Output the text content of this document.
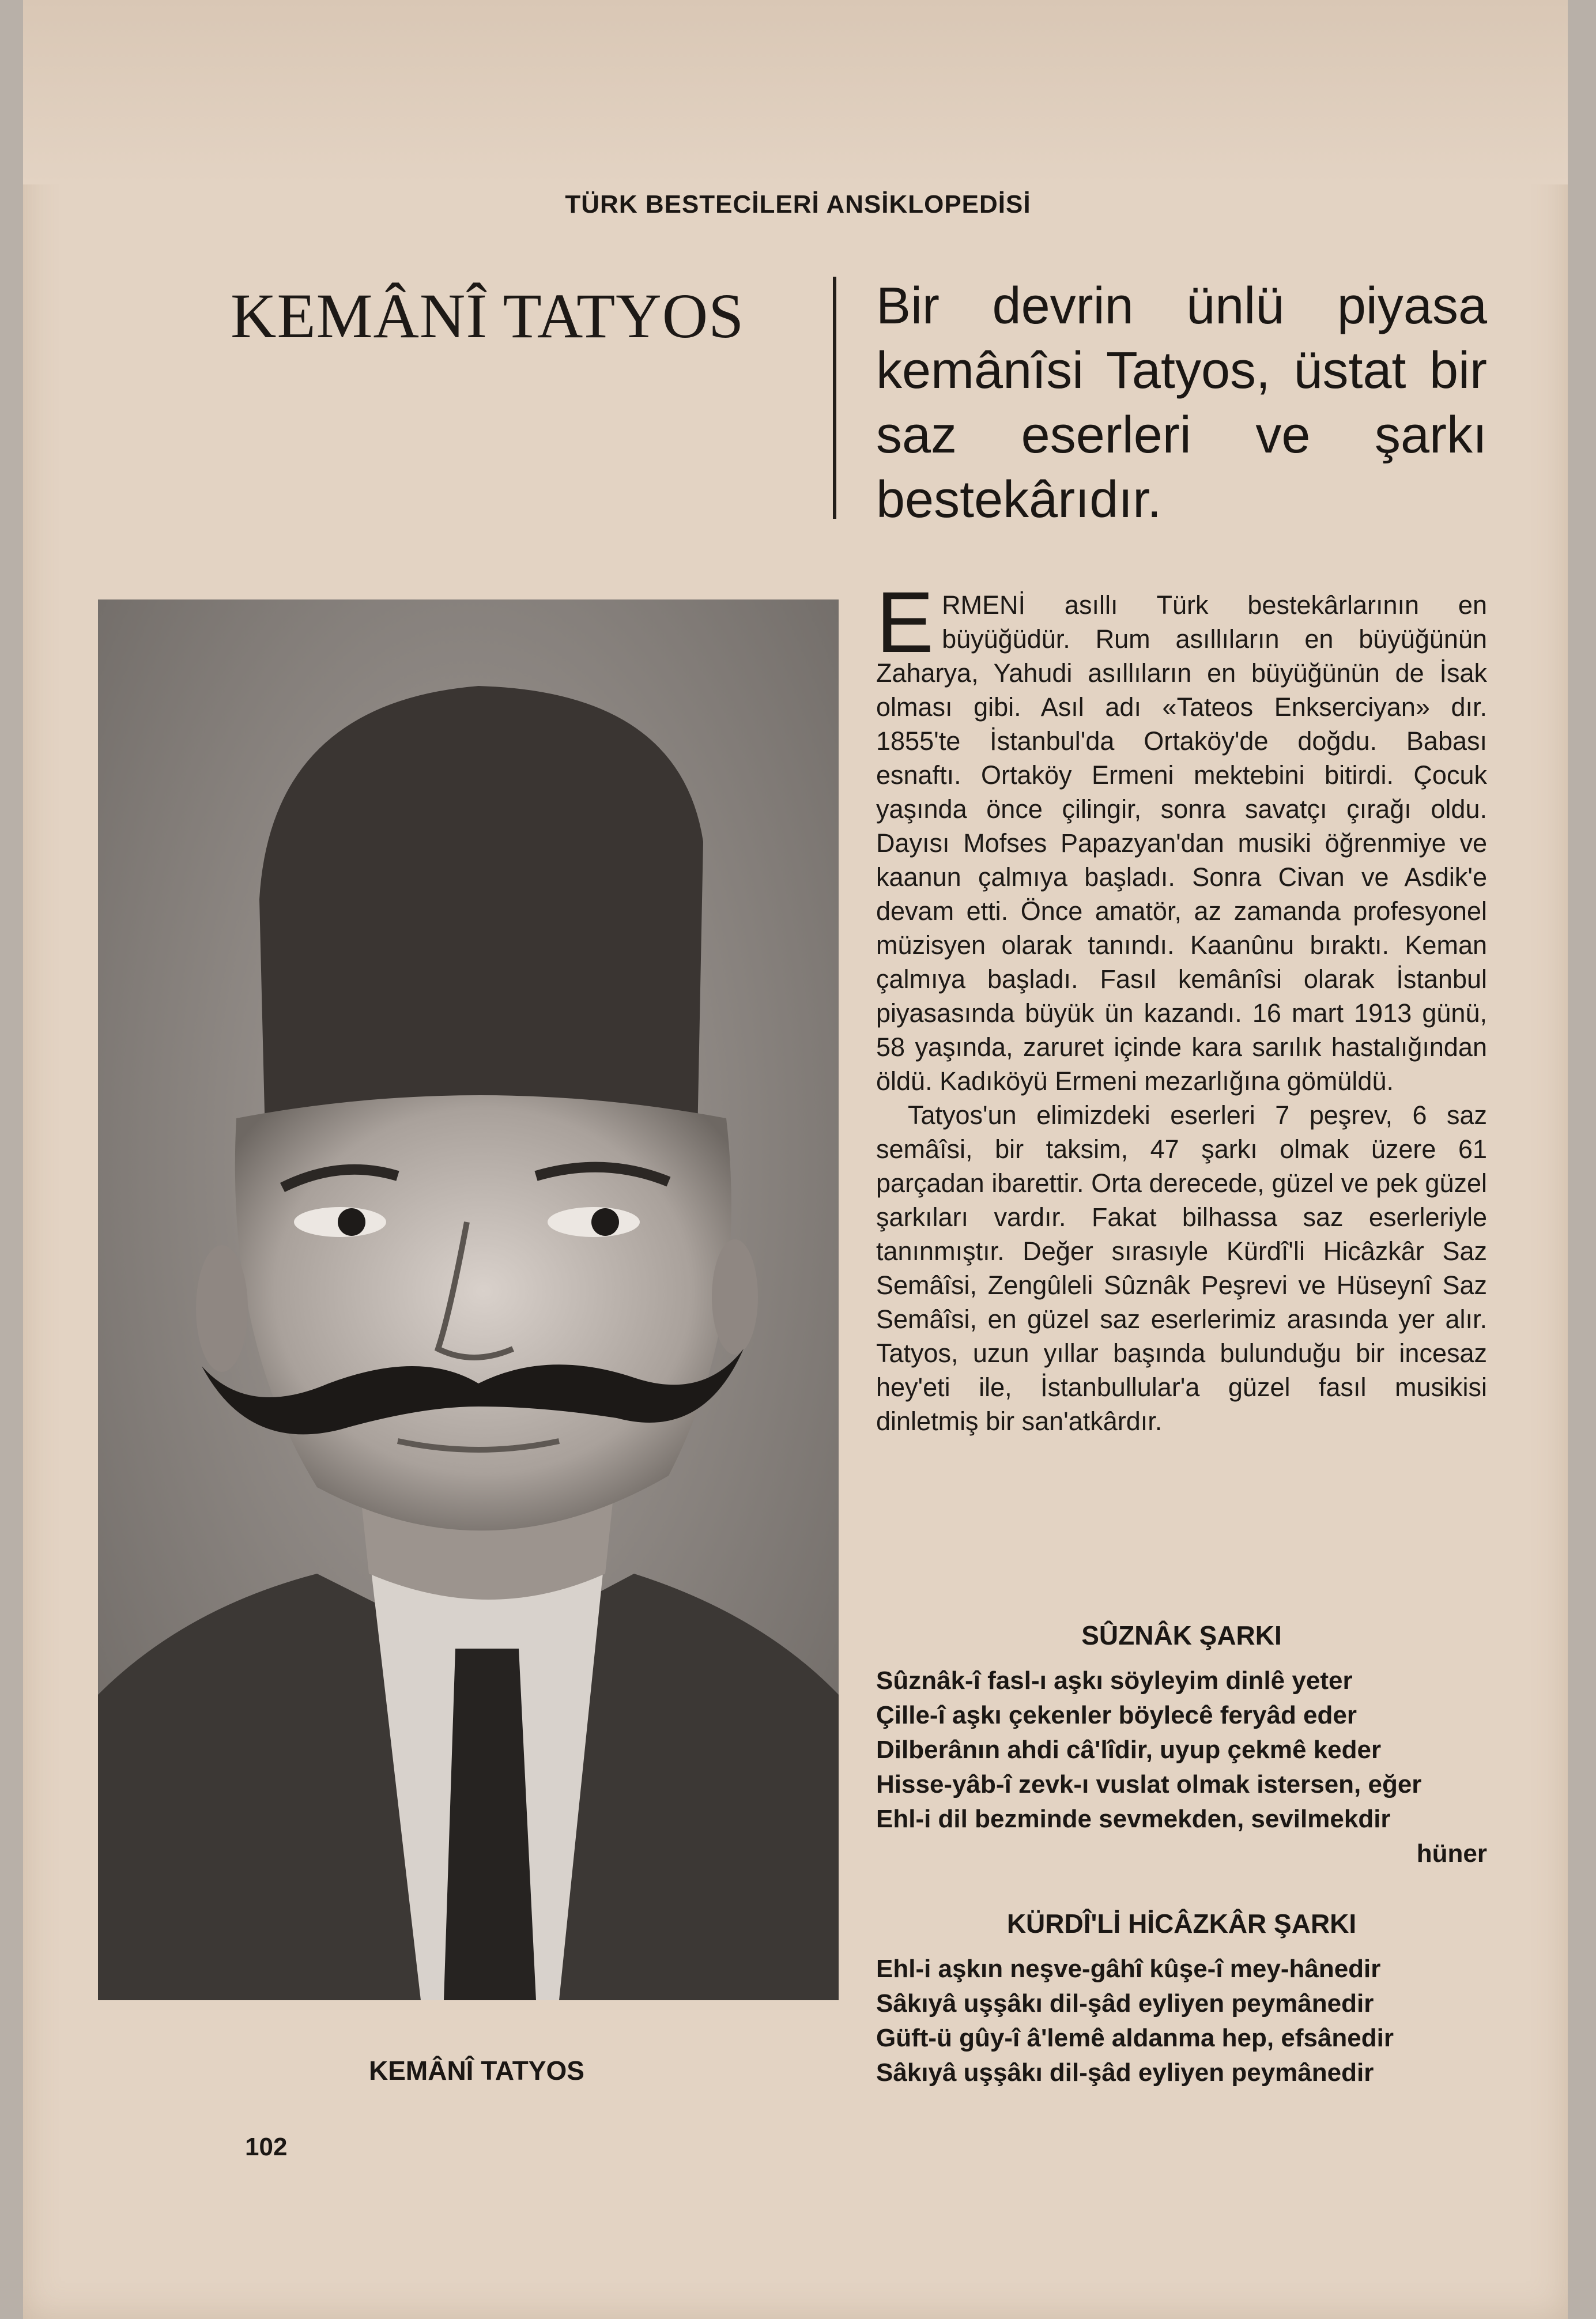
TÜRK BESTECİLERİ ANSİKLOPEDİSİ
KEMÂNÎ TATYOS	Bir devrin ünlü piyasa kemânîsi Tatyos, üstat bir saz eserleri ve şarkı bestekârıdır.
KEMÂNÎ TATYOS
102

ERMENİ asıllı Türk bestekârlarının en büyüğüdür. Rum asıllıların en büyüğünün Zaharya, Yahudi asıllıların en büyüğünün de İsak olması gibi. Asıl adı «Tateos Enkserciyan» dır. 1855'te İstanbul'da Ortaköy'de doğdu. Babası esnaftı. Ortaköy Ermeni mektebini bitirdi. Çocuk yaşında önce çilingir, sonra savatçı çırağı oldu. Dayısı Mofses Papazyan'dan musiki öğrenmiye ve kaanun çalmıya başladı. Sonra Civan ve Asdik'e devam etti. Önce amatör, az zamanda profesyonel müzisyen olarak tanındı. Kaanûnu bıraktı. Keman çalmıya başladı. Fasıl kemânîsi olarak İstanbul piyasasında büyük ün kazandı. 16 mart 1913 günü, 58 yaşında, zaruret içinde kara sarılık hastalığından öldü. Kadıköyü Ermeni mezarlığına gömüldü.

Tatyos'un elimizdeki eserleri 7 peşrev, 6 saz semâîsi, bir taksim, 47 şarkı olmak üzere 61 parçadan ibarettir. Orta derecede, güzel ve pek güzel şarkıları vardır. Fakat bilhassa saz eserleriyle tanınmıştır. Değer sırasıyle Kürdî'li Hicâzkâr Saz Semâîsi, Zengûleli Sûznâk Peşrevi ve Hüseynî Saz Semâîsi, en güzel saz eserlerimiz arasında yer alır. Tatyos, uzun yıllar başında bulunduğu bir incesaz hey'eti ile, İstanbullular'a güzel fasıl musikisi dinletmiş bir san'atkârdır.

SÛZNÂK ŞARKI
Sûznâk-î fasl-ı aşkı söyleyim dinlê yeter
Çille-î aşkı çekenler böylecê feryâd eder
Dilberânın ahdi câ'lîdir, uyup çekmê keder
Hisse-yâb-î zevk-ı vuslat olmak istersen, eğer
Ehl-i dil bezminde sevmekden, sevilmekdir
hüner
KÜRDÎ'Lİ HİCÂZKÂR ŞARKI
Ehl-i aşkın neşve-gâhî kûşe-î mey-hânedir
Sâkıyâ uşşâkı dil-şâd eyliyen peymânedir
Güft-ü gûy-î â'lemê aldanma hep, efsânedir
Sâkıyâ uşşâkı dil-şâd eyliyen peymânedir
